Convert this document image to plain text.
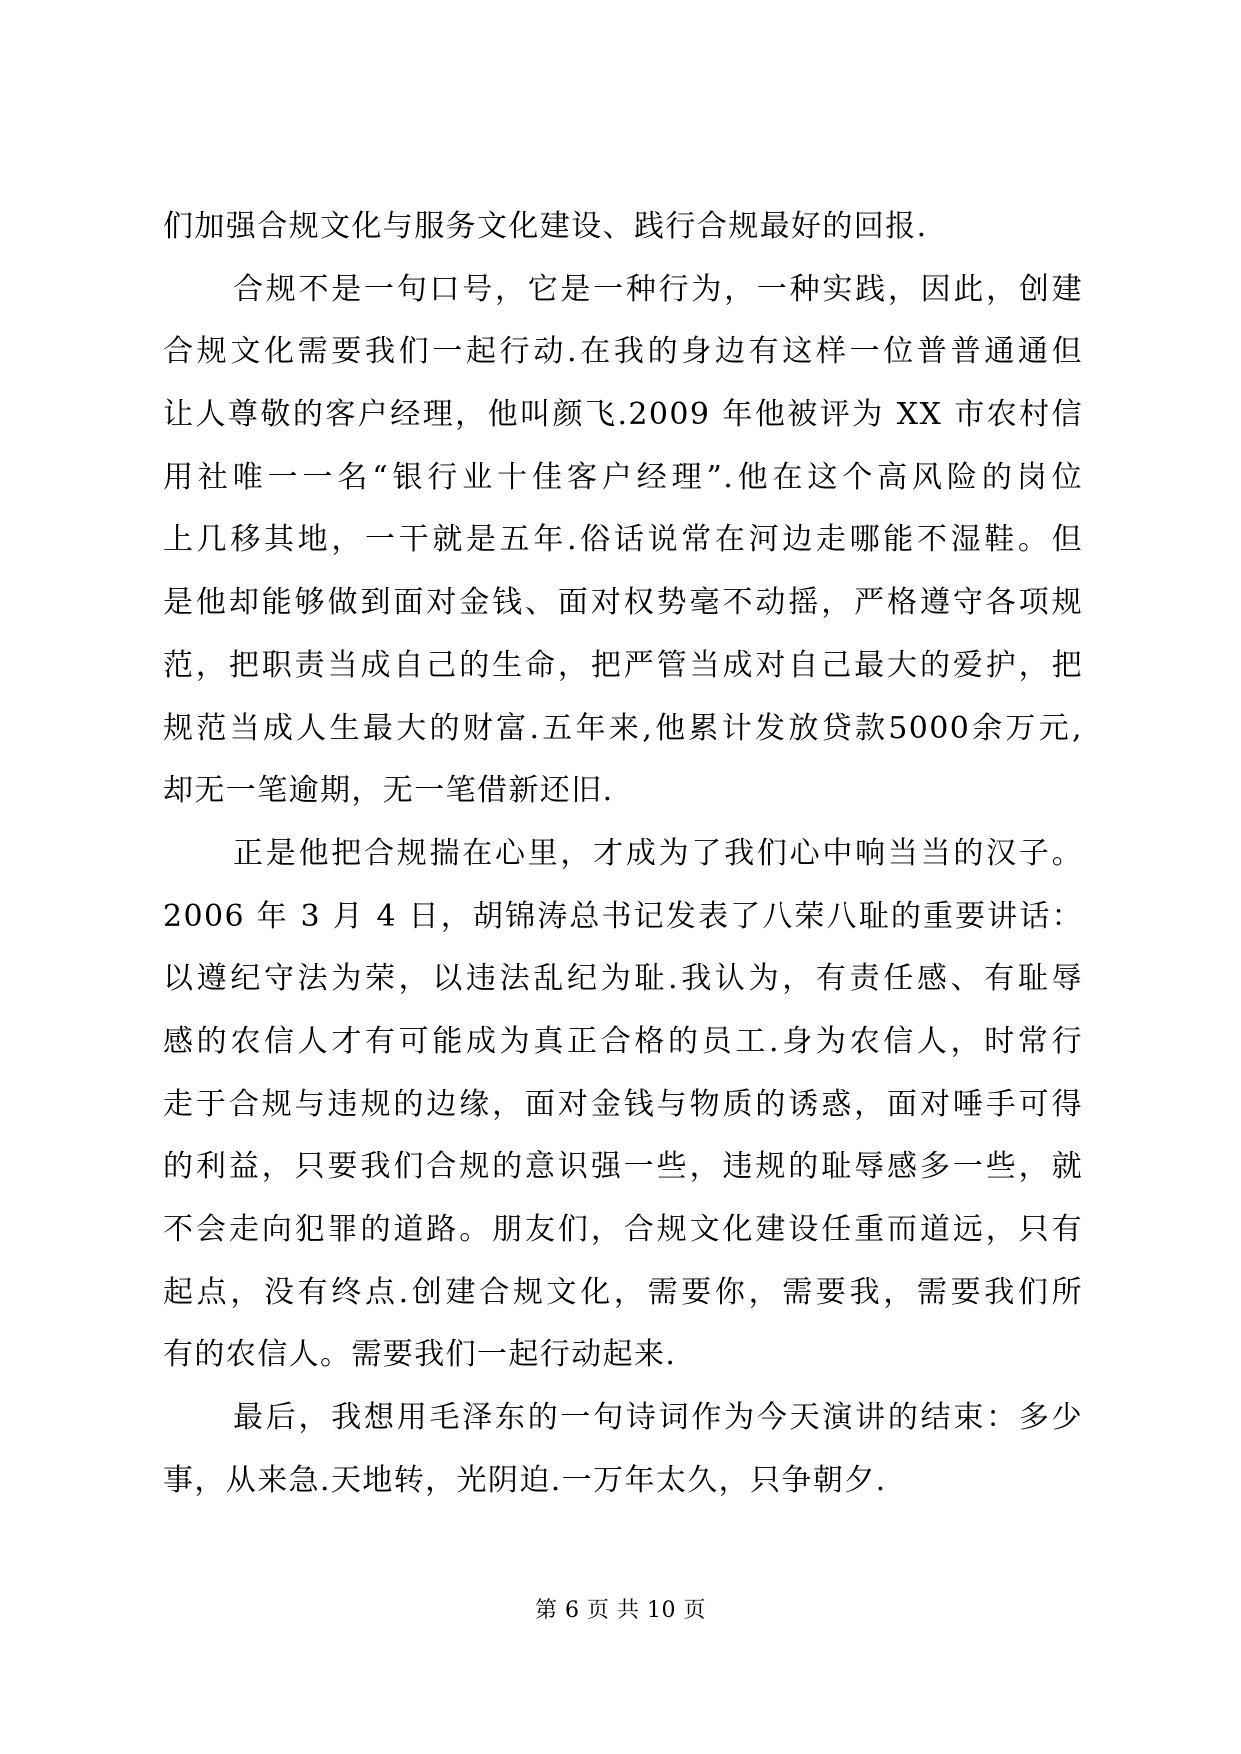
们加强合规文化与服务文化建设、践行合规最好的回报.
合规不是一句口号，它是一种行为，一种实践，因此，创建
合规文化需要我们一起行动.在我的身边有这样一位普普通通但
让人尊敬的客户经理，他叫颜飞.2009 年他被评为 XX 市农村信
用社唯一一名“银行业十佳客户经理”.他在这个高风险的岗位
上几移其地，一干就是五年.俗话说常在河边走哪能不湿鞋。但
是他却能够做到面对金钱、面对权势毫不动摇，严格遵守各项规
范，把职责当成自己的生命，把严管当成对自己最大的爱护，把
规范当成人生最大的财富.五年来,他累计发放贷款5000余万元,
却无一笔逾期，无一笔借新还旧.
正是他把合规揣在心里，才成为了我们心中响当当的汉子。
2006 年 3 月 4 日，胡锦涛总书记发表了八荣八耻的重要讲话：
以遵纪守法为荣，以违法乱纪为耻.我认为，有责任感、有耻辱
感的农信人才有可能成为真正合格的员工.身为农信人，时常行
走于合规与违规的边缘，面对金钱与物质的诱惑，面对唾手可得
的利益，只要我们合规的意识强一些，违规的耻辱感多一些，就
不会走向犯罪的道路。朋友们，合规文化建设任重而道远，只有
起点，没有终点.创建合规文化，需要你，需要我，需要我们所
有的农信人。需要我们一起行动起来.
最后，我想用毛泽东的一句诗词作为今天演讲的结束：多少
事，从来急.天地转，光阴迫.一万年太久，只争朝夕.
第 6 页 共 10 页
